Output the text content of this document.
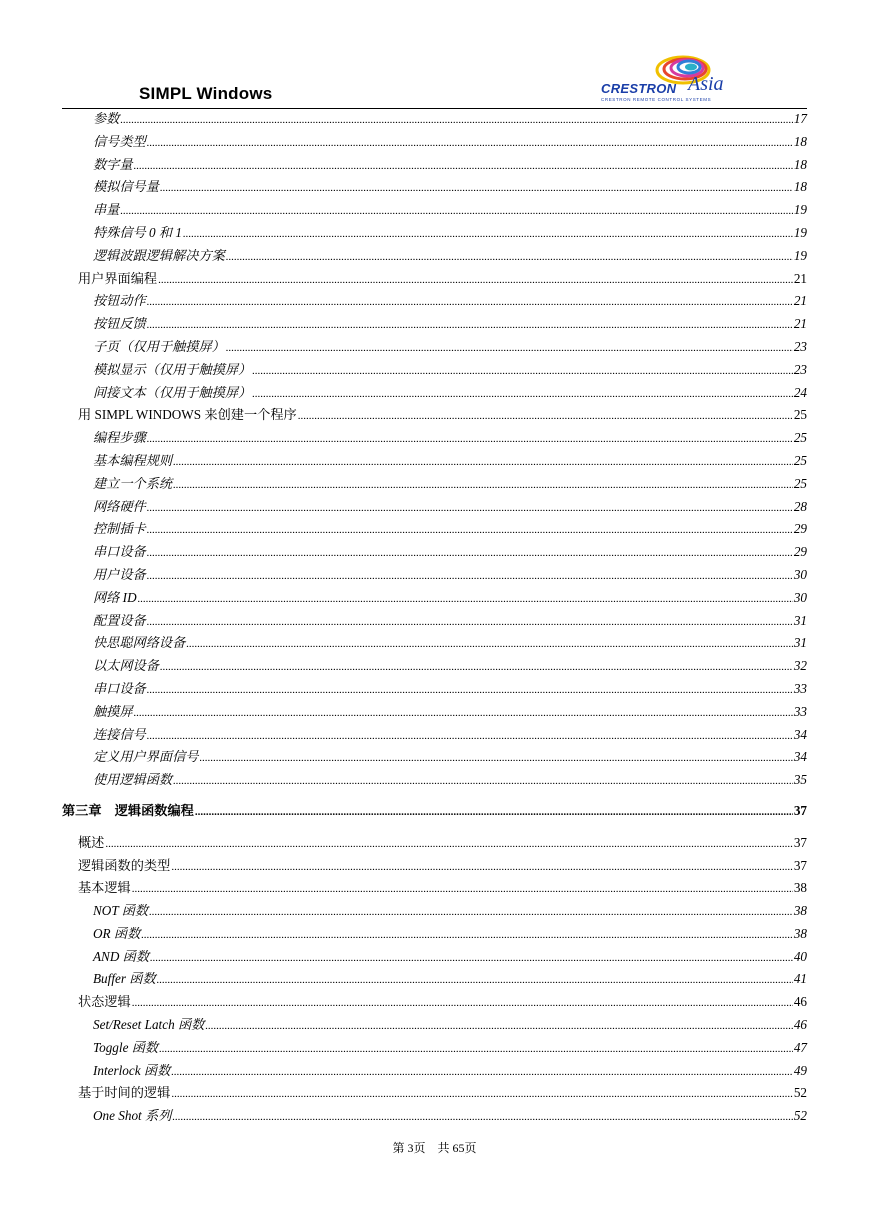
SIMPL Windows	CRESTRON Asia
CRESTRON REMOTE CONTROL SYSTEMS
参数 .....	17
信号类型 .....	18
数字量 .....	18
模拟信号量 .....	18
串量 .....	19
特殊信号 0 和 1 .....	19
逻辑波跟逻辑解决方案 .....	19
用户界面编程 .....	21
按钮动作 .....	21
按钮反馈 .....	21
子页（仅用于触摸屏） .....	23
模拟显示（仅用于触摸屏） .....	23
间接文本（仅用于触摸屏） .....	24
用 SIMPL WINDOWS 来创建一个程序 .....	25
编程步骤 .....	25
基本编程规则 .....	25
建立一个系统 .....	25
网络硬件 .....	28
控制插卡 .....	29
串口设备 .....	29
用户设备 .....	30
网络 ID .....	30
配置设备 .....	31
快思聪网络设备 .....	31
以太网设备 .....	32
串口设备 .....	33
触摸屏 .....	33
连接信号 .....	34
定义用户界面信号 .....	34
使用逻辑函数 .....	35
第三章　逻辑函数编程 .....	37
概述 .....	37
逻辑函数的类型 .....	37
基本逻辑 .....	38
NOT 函数 .....	38
OR 函数 .....	38
AND 函数 .....	40
Buffer 函数 .....	41
状态逻辑 .....	46
Set/Reset Latch 函数 .....	46
Toggle 函数 .....	47
Interlock 函数 .....	49
基于时间的逻辑 .....	52
One Shot 系列 .....	52
第 3页　共 65页
